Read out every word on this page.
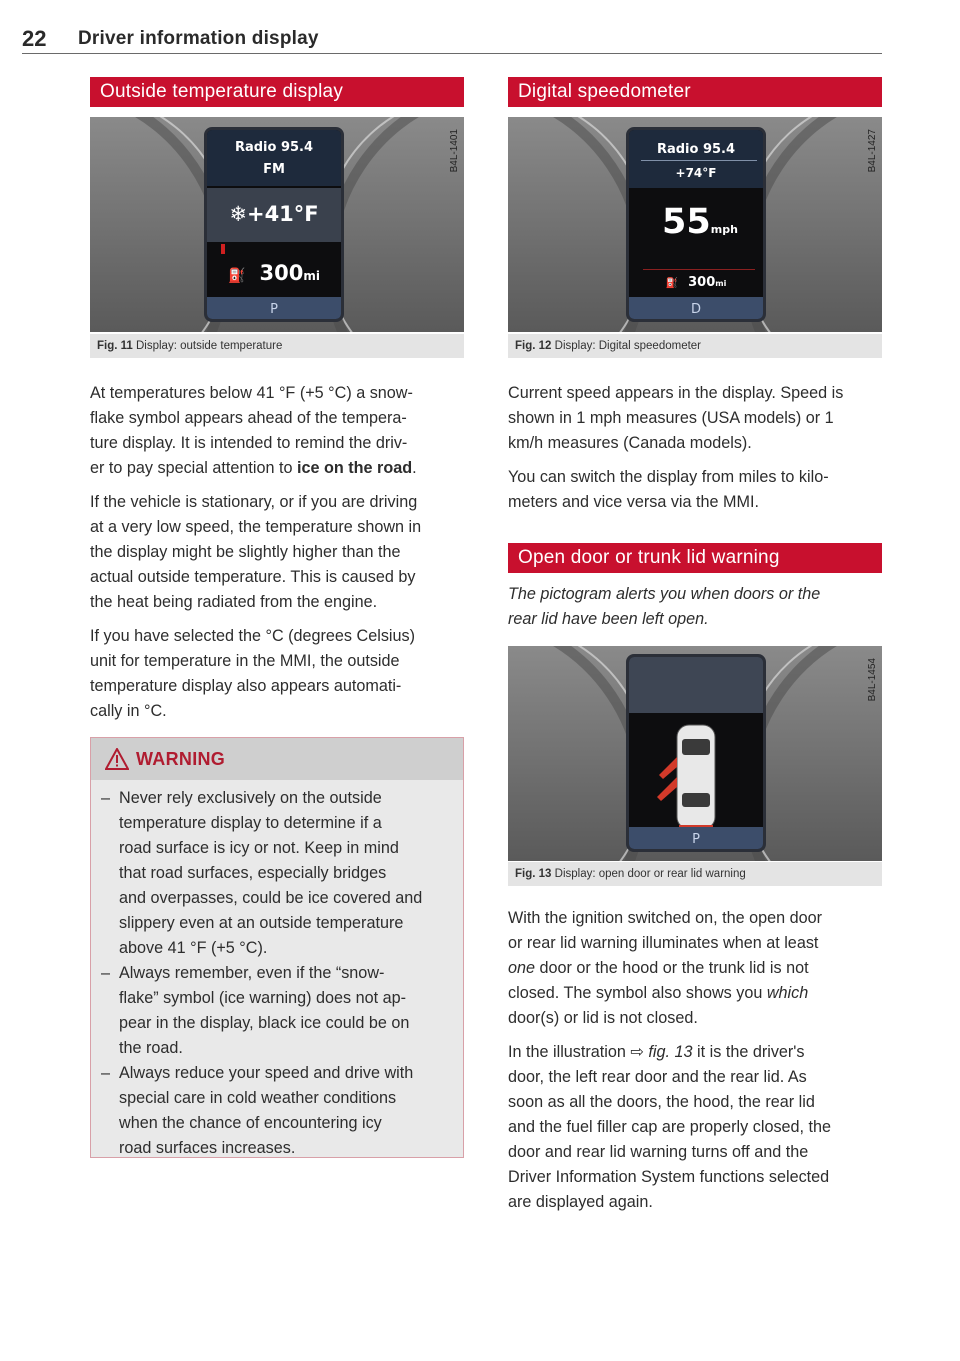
22 Driver information display
Outside temperature display
B4L-1401
Radio 95.4
FM
❄+41°F
⛽ 300mi
P
Fig. 11 Display: outside temperature

At temperatures below 41 °F (+5 °C) a snow-
flake symbol appears ahead of the tempera-
ture display. It is intended to remind the driv-
er to pay special attention to ice on the road.

If the vehicle is stationary, or if you are driving
at a very low speed, the temperature shown in
the display might be slightly higher than the
actual outside temperature. This is caused by
the heat being radiated from the engine.

If you have selected the °C (degrees Celsius)
unit for temperature in the MMI, the outside
temperature display also appears automati-
cally in °C.

WARNING
– Never rely exclusively on the outside
temperature display to determine if a
road surface is icy or not. Keep in mind
that road surfaces, especially bridges
and overpasses, could be ice covered and
slippery even at an outside temperature
above 41 °F (+5 °C).
– Always remember, even if the “snow-
flake” symbol (ice warning) does not ap-
pear in the display, black ice could be on
the road.
– Always reduce your speed and drive with
special care in cold weather conditions
when the chance of encountering icy
road surfaces increases.
Digital speedometer
B4L-1427
Radio 95.4
+74°F
55mph
⛽ 300mi
D
Fig. 12 Display: Digital speedometer

Current speed appears in the display. Speed is
shown in 1 mph measures (USA models) or 1
km/h measures (Canada models).

You can switch the display from miles to kilo-
meters and vice versa via the MMI.

Open door or trunk lid warning
The pictogram alerts you when doors or the
rear lid have been left open.
B4L-1454
P
Fig. 13 Display: open door or rear lid warning

With the ignition switched on, the open door
or rear lid warning illuminates when at least
one door or the hood or the trunk lid is not
closed. The symbol also shows you which
door(s) or lid is not closed.

In the illustration ⇨ fig. 13 it is the driver's
door, the left rear door and the rear lid. As
soon as all the doors, the hood, the rear lid
and the fuel filler cap are properly closed, the
door and rear lid warning turns off and the
Driver Information System functions selected
are displayed again.
